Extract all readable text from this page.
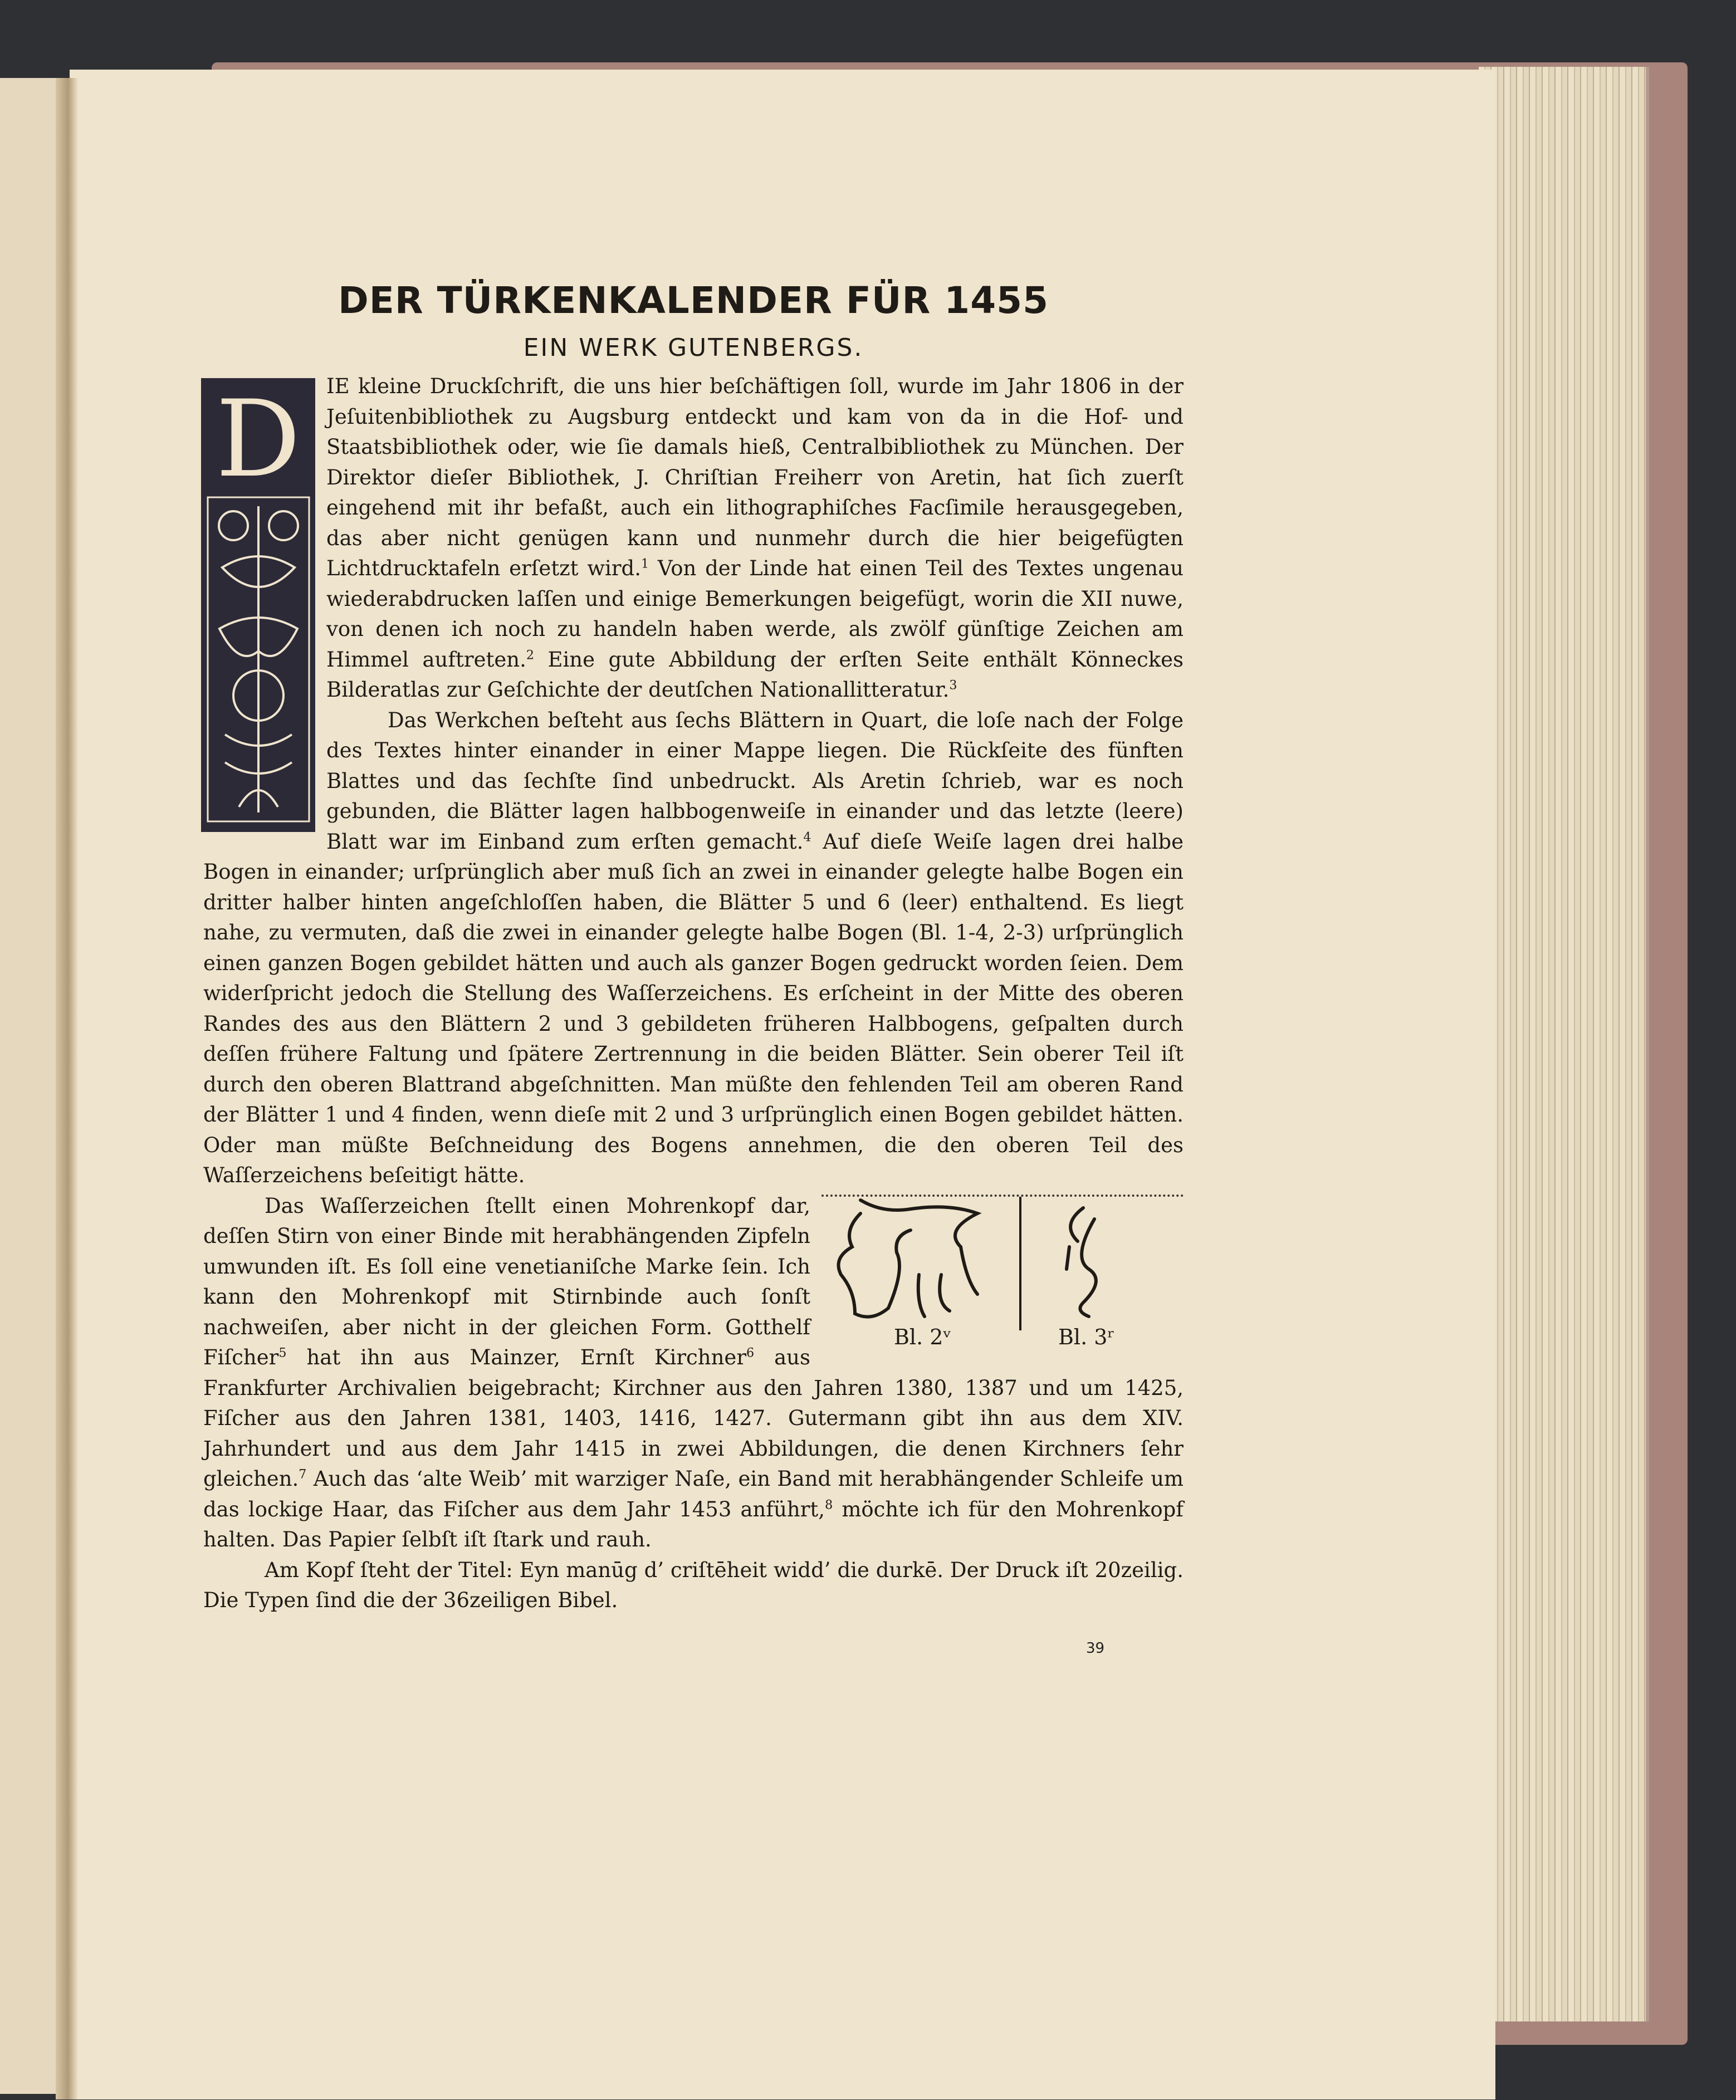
DER TÜRKENKALENDER FÜR 1455
EIN WERK GUTENBERGS.
D	IE kleine Druckſchrift, die uns hier beſchäftigen ſoll, wurde im Jahr 1806 in der Jeſuitenbibliothek zu Augsburg entdeckt und kam von da in die Hof- und Staatsbibliothek oder, wie ſie damals hieß, Centralbibliothek zu München. Der Direktor dieſer Bibliothek, J. Chriſtian Freiherr von Aretin, hat ſich zuerſt eingehend mit ihr befaßt, auch ein lithographiſches Facſimile herausgegeben, das aber nicht genügen kann und nunmehr durch die hier beigefügten Lichtdrucktafeln erſetzt wird.$^1$ Von der Linde hat einen Teil des Textes ungenau wiederabdrucken laſſen und einige Bemerkungen beigefügt, worin die XII nuwe, von denen ich noch zu handeln haben werde, als zwölf günſtige Zeichen am Himmel auftreten.$^2$ Eine gute Abbildung der erſten Seite enthält Könneckes Bilderatlas zur Geſchichte der deutſchen Nationallitteratur.$^3$

Das Werkchen beſteht aus ſechs Blättern in Quart, die loſe nach der Folge des Textes hinter einander in einer Mappe liegen. Die Rückſeite des fünften Blattes und das ſechſte ſind unbedruckt. Als Aretin ſchrieb, war es noch gebunden, die Blätter lagen halbbogenweiſe in einander und das letzte (leere) Blatt war im Einband zum erſten gemacht.$^4$ Auf dieſe Weiſe lagen drei halbe Bogen in einander; urſprünglich aber muß ſich an zwei in einander gelegte halbe Bogen ein dritter halber hinten angeſchloſſen haben, die Blätter 5 und 6 (leer) enthaltend. Es liegt nahe, zu vermuten, daß die zwei in einander gelegte halbe Bogen (Bl. 1-4, 2-3) urſprünglich einen ganzen Bogen gebildet hätten und auch als ganzer Bogen gedruckt worden ſeien. Dem widerſpricht jedoch die Stellung des Waſſerzeichens. Es erſcheint in der Mitte des oberen Randes des aus den Blättern 2 und 3 gebildeten früheren Halbbogens, geſpalten durch deſſen frühere Faltung und ſpätere Zertrennung in die beiden Blätter. Sein oberer Teil iſt durch den oberen Blattrand abgeſchnitten. Man müßte den fehlenden Teil am oberen Rand der Blätter 1 und 4 finden, wenn dieſe mit 2 und 3 urſprünglich einen Bogen gebildet hätten. Oder man müßte Beſchneidung des Bogens annehmen, die den oberen Teil des Waſſerzeichens beſeitigt hätte.

Bl. 2ᵛ	Bl. 3ʳ

Das Waſſerzeichen ſtellt einen Mohrenkopf dar, deſſen Stirn von einer Binde mit herabhängenden Zipfeln umwunden iſt. Es ſoll eine venetianiſche Marke ſein. Ich kann den Mohrenkopf mit Stirnbinde auch ſonſt nachweiſen, aber nicht in der gleichen Form. Gotthelf Fiſcher$^5$ hat ihn aus Mainzer, Ernſt Kirchner$^6$ aus Frankfurter Archivalien beigebracht; Kirchner aus den Jahren 1380, 1387 und um 1425, Fiſcher aus den Jahren 1381, 1403, 1416, 1427. Gutermann gibt ihn aus dem XIV. Jahrhundert und aus dem Jahr 1415 in zwei Abbildungen, die denen Kirchners ſehr gleichen.$^7$ Auch das ‘alte Weib’ mit warziger Naſe, ein Band mit herabhängender Schleife um das lockige Haar, das Fiſcher aus dem Jahr 1453 anführt,$^8$ möchte ich für den Mohrenkopf halten. Das Papier ſelbſt iſt ſtark und rauh.

Am Kopf ſteht der Titel: Eyn manūg d’ criſtēheit widd’ die durkē. Der Druck iſt 20zeilig. Die Typen ſind die der 36zeiligen Bibel.

39
